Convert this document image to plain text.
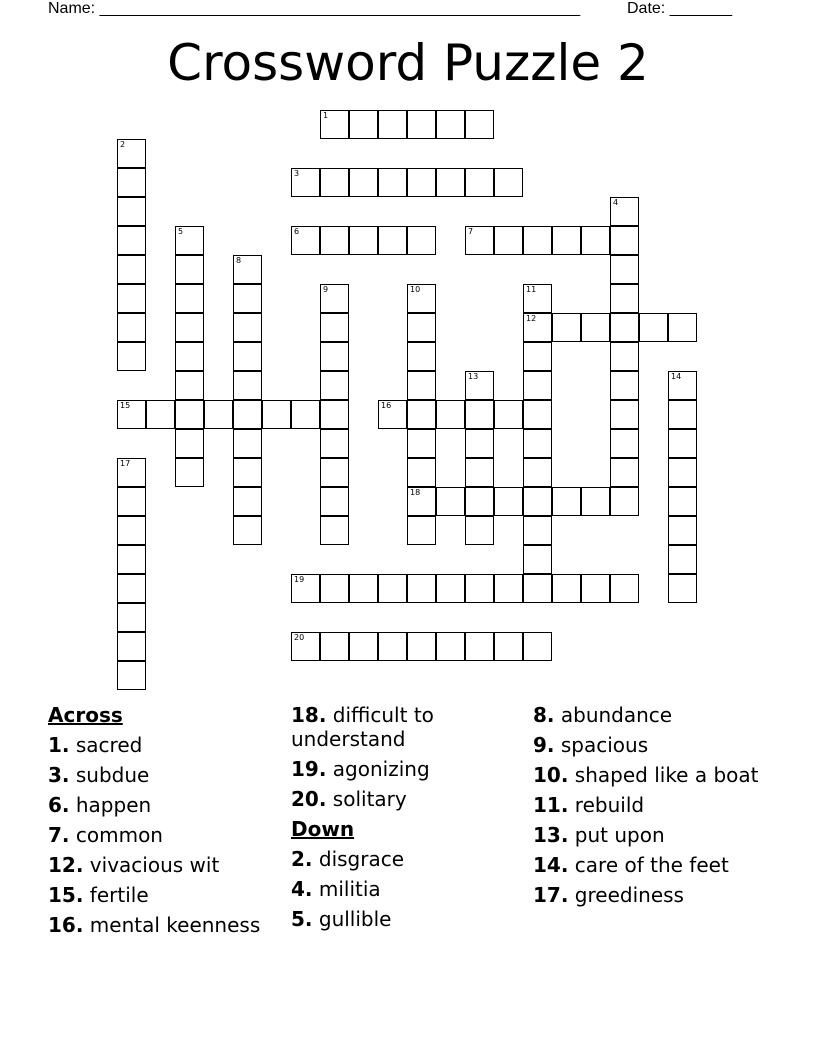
Name: ______________________________________________________	Date: _______
Crossword Puzzle 2
1
2
3
4
5	6	7
8
9	10
18
11
12
13	14
15	16
17
19
20
Across
1. sacred
3. subdue
6. happen
7. common
12. vivacious wit
15. fertile
16. mental keenness
18. difficult to understand
19. agonizing
20. solitary
Down
2. disgrace
4. militia
5. gullible
8. abundance
9. spacious
10. shaped like a boat
11. rebuild
13. put upon
14. care of the feet
17. greediness
